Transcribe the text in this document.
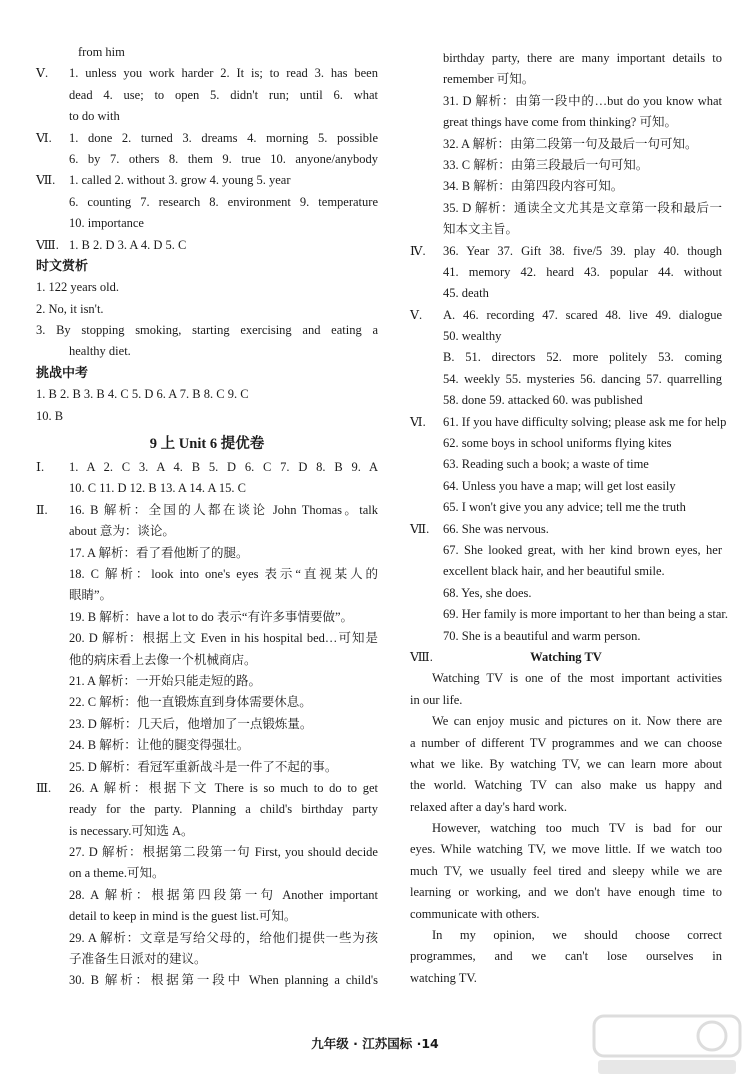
from him
Ⅴ. 1. unless you work harder 2. It is; to read 3. has been
dead 4. use; to open 5. didn't run; until 6. what
to do with
Ⅵ. 1. done 2. turned 3. dreams 4. morning 5. possible
6. by 7. others 8. them 9. true 10. anyone/anybody
Ⅶ. 1. called 2. without 3. grow 4. young 5. year
6. counting 7. research 8. environment 9. temperature
10. importance
Ⅷ. 1. B 2. D 3. A 4. D 5. C
时文赏析
1. 122 years old.
2. No, it isn't.
3. By stopping smoking, starting exercising and eating a
healthy diet.
挑战中考
1. B 2. B 3. B 4. C 5. D 6. A 7. B 8. C 9. C
10. B
9 上 Unit 6 提优卷
Ⅰ. 1. A 2. C 3. A 4. B 5. D 6. C 7. D 8. B 9. A
10. C 11. D 12. B 13. A 14. A 15. C
Ⅱ. 16. B 解析：全国的人都在谈论 John Thomas。talk
about 意为：谈论。
17. A 解析：看了看他断了的腿。
18. C 解析：look into one's eyes 表示“直视某人的
眼睛”。
19. B 解析：have a lot to do 表示“有许多事情要做”。
20. D 解析：根据上文 Even in his hospital bed…可知是
他的病床看上去像一个机械商店。
21. A 解析：一开始只能走短的路。
22. C 解析：他一直锻炼直到身体需要休息。
23. D 解析：几天后，他增加了一点锻炼量。
24. B 解析：让他的腿变得强壮。
25. D 解析：看冠军重新战斗是一件了不起的事。
Ⅲ. 26. A 解析：根据下文 There is so much to do to get
ready for the party. Planning a child's birthday party
is necessary.可知选 A。
27. D 解析：根据第二段第一句 First, you should decide
on a theme.可知。
28. A 解析：根据第四段第一句 Another important
detail to keep in mind is the guest list.可知。
29. A 解析：文章是写给父母的，给他们提供一些为孩
子准备生日派对的建议。
30. B 解析：根据第一段中 When planning a child's
birthday party, there are many important details to
remember 可知。
31. D 解析：由第一段中的…but do you know what
great things have come from thinking? 可知。
32. A 解析：由第二段第一句及最后一句可知。
33. C 解析：由第三段最后一句可知。
34. B 解析：由第四段内容可知。
35. D 解析：通读全文尤其是文章第一段和最后一
知本文主旨。
Ⅳ. 36. Year 37. Gift 38. five/5 39. play 40. though
41. memory 42. heard 43. popular 44. without
45. death
Ⅴ. A. 46. recording 47. scared 48. live 49. dialogue
50. wealthy
B. 51. directors 52. more politely 53. coming
54. weekly 55. mysteries 56. dancing 57. quarrelling
58. done 59. attacked 60. was published
Ⅵ. 61. If you have difficulty solving; please ask me for help
62. some boys in school uniforms flying kites
63. Reading such a book; a waste of time
64. Unless you have a map; will get lost easily
65. I won't give you any advice; tell me the truth
Ⅶ. 66. She was nervous.
67. She looked great, with her kind brown eyes, her
excellent black hair, and her beautiful smile.
68. Yes, she does.
69. Her family is more important to her than being a star.
70. She is a beautiful and warm person.
Ⅷ.	Watching TV
Watching TV is one of the most important activities
in our life.
We can enjoy music and pictures on it. Now there are
a number of different TV programmes and we can choose
what we like. By watching TV, we can learn more about
the world. Watching TV can also make us happy and
relaxed after a day's hard work.
However, watching too much TV is bad for our
eyes. While watching TV, we move little. If we watch too
much TV, we usually feel tired and sleepy while we are
learning or working, and we don't have enough time to
communicate with others.
In my opinion, we should choose correct
programmes, and we can't lose ourselves in
watching TV.
九年级 · 江苏国标 ·14
